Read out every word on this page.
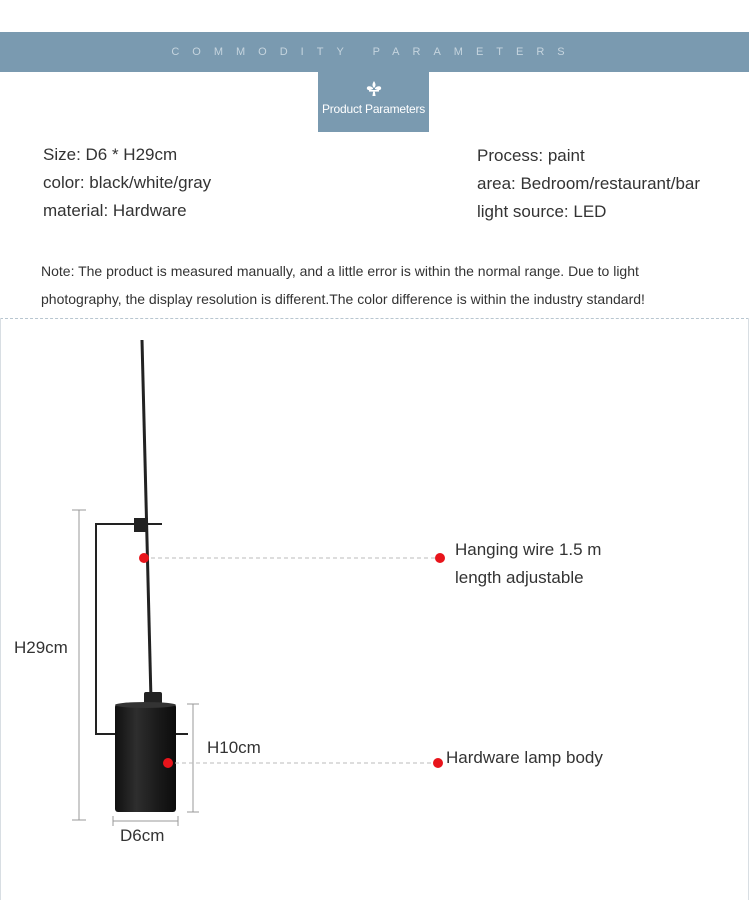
COMMODITY PARAMETERS
Product Parameters
Size: D6 * H29cm
color: black/white/gray
material: Hardware
Process: paint
area: Bedroom/restaurant/bar
light source: LED
Note: The product is measured manually, and a little error is within the normal range. Due to light
photography, the display resolution is different.The color difference is within the industry standard!
H29cm
H10cm
D6cm
Hanging wire 1.5 m
length adjustable
Hardware lamp body
